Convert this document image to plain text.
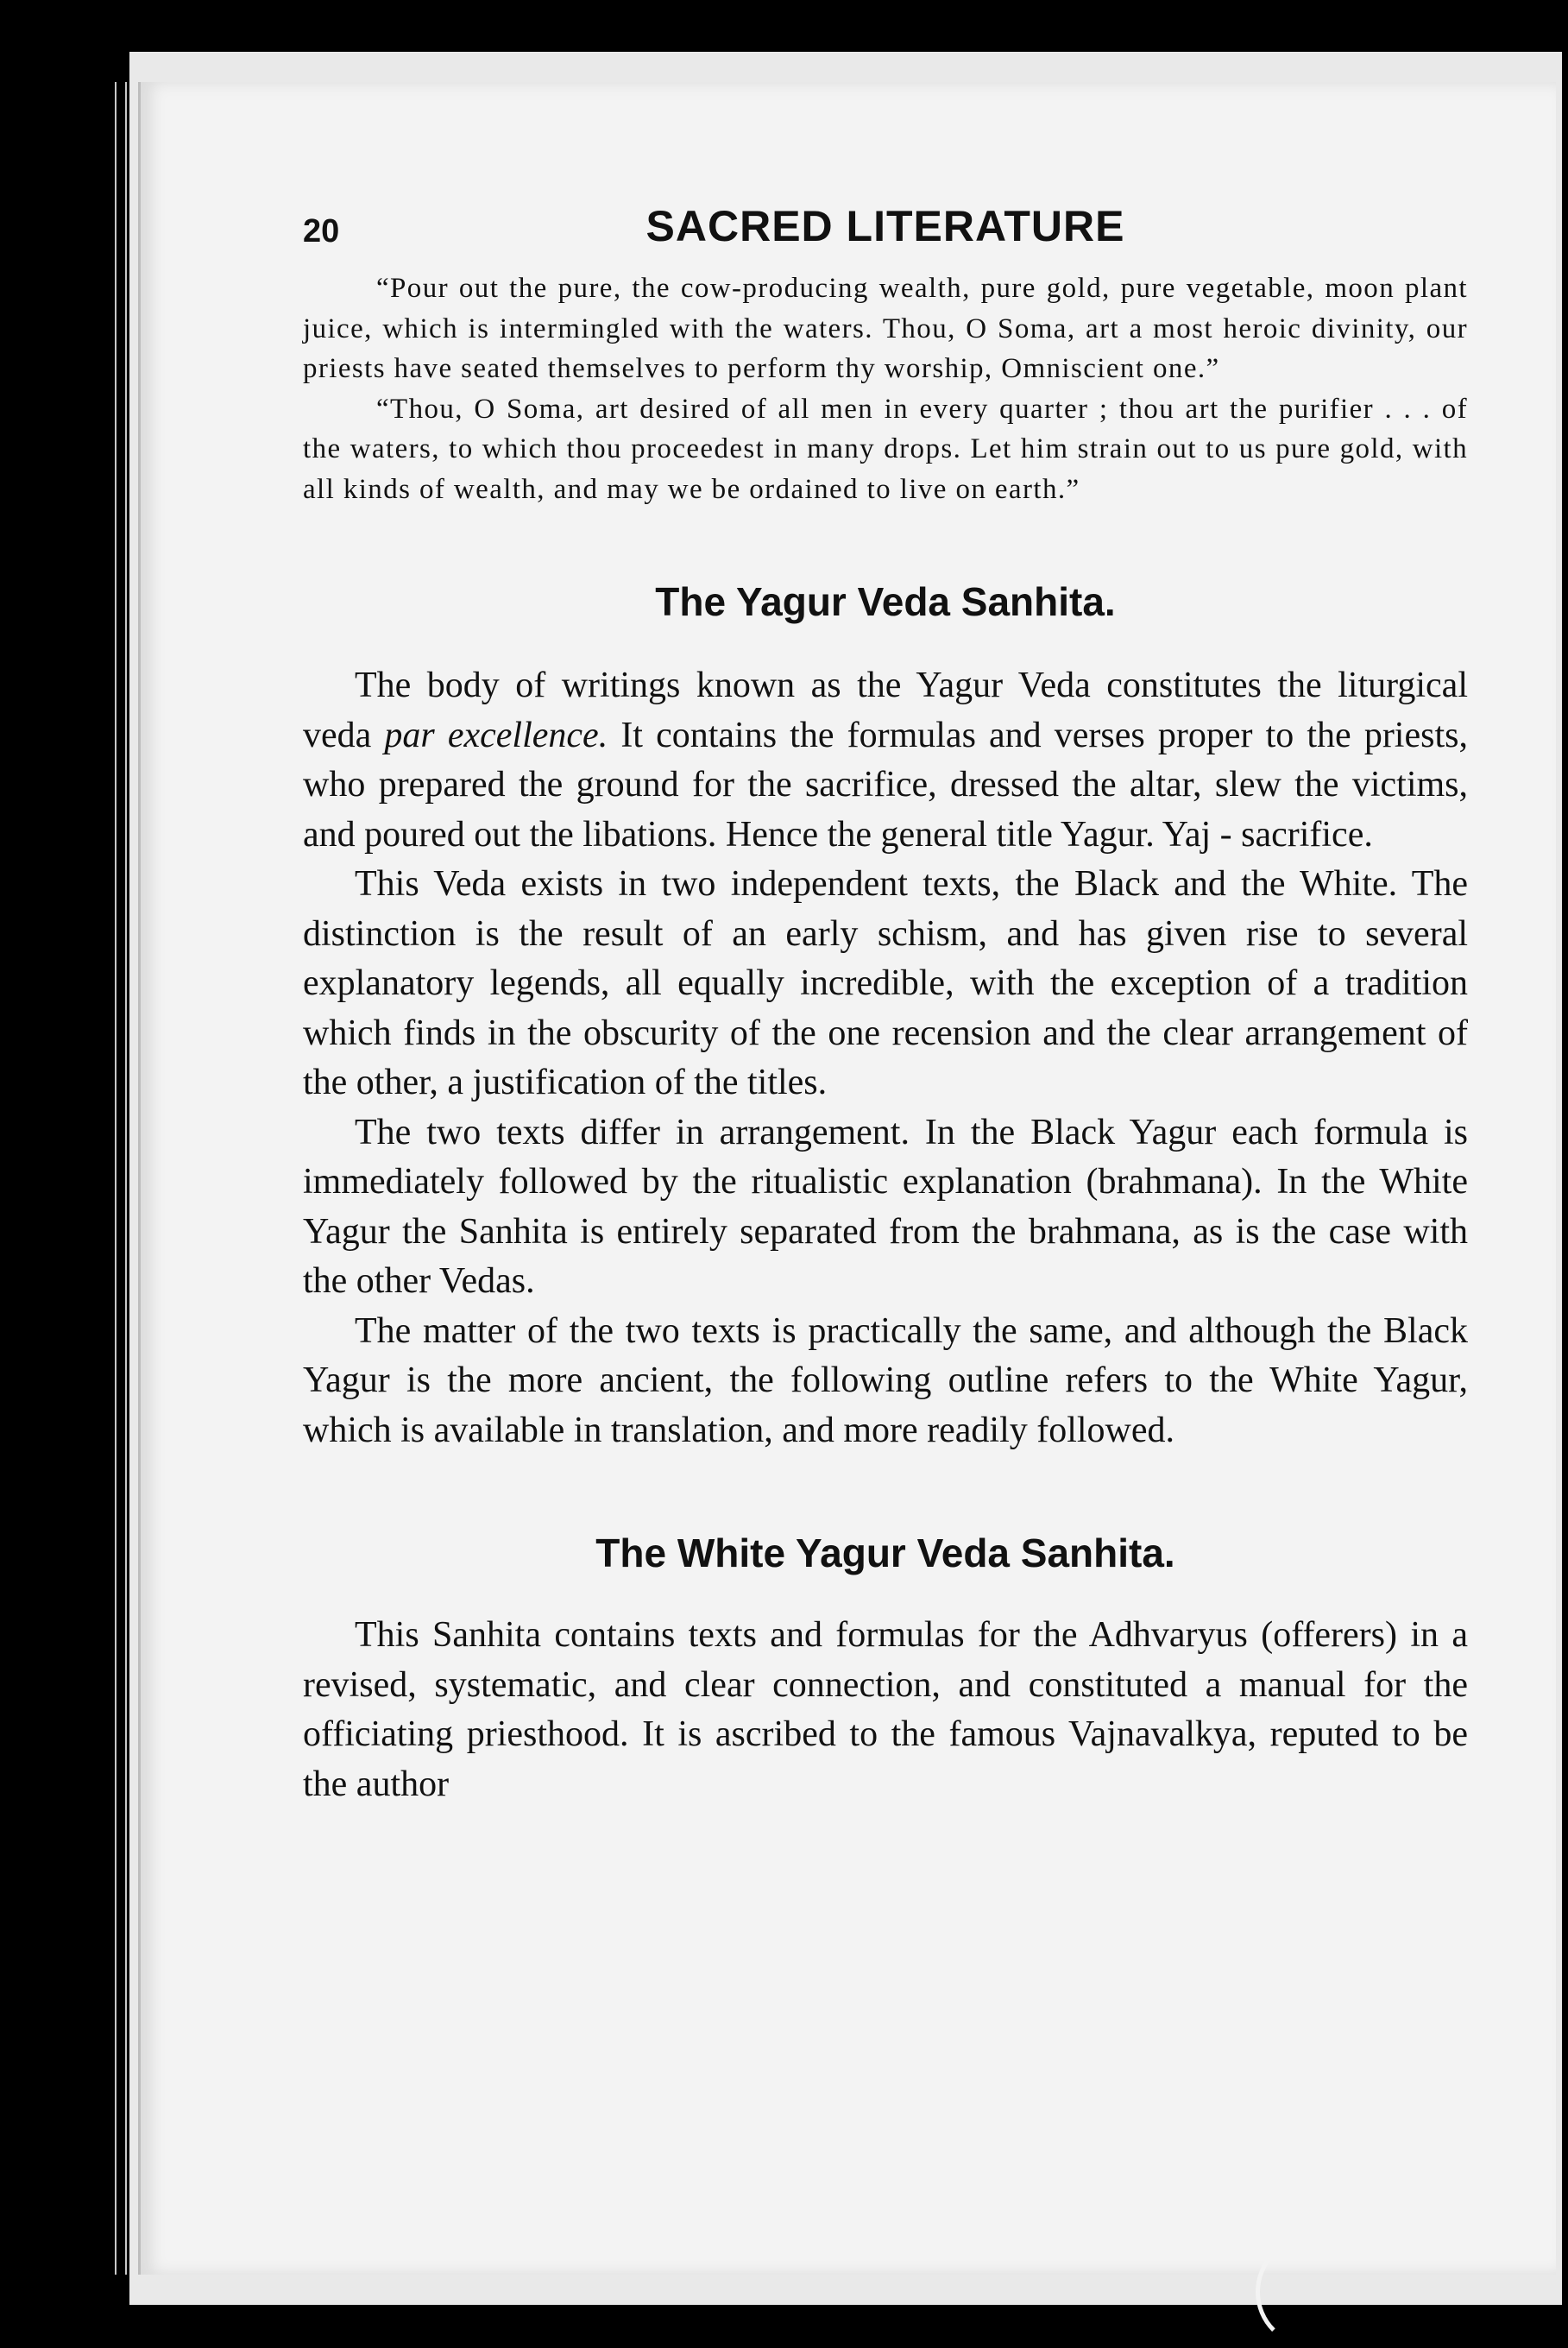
20	SACRED LITERATURE

“Pour out the pure, the cow-producing wealth, pure gold, pure vegetable, moon plant juice, which is intermingled with the waters. Thou, O Soma, art a most heroic divinity, our priests have seated themselves to perform thy worship, Omniscient one.”

“Thou, O Soma, art desired of all men in every quarter ; thou art the purifier . . . of the waters, to which thou proceedest in many drops. Let him strain out to us pure gold, with all kinds of wealth, and may we be ordained to live on earth.”

The Yagur Veda Sanhita.

The body of writings known as the Yagur Veda constitutes the liturgical veda par excellence. It contains the formulas and verses proper to the priests, who prepared the ground for the sacrifice, dressed the altar, slew the victims, and poured out the libations. Hence the general title Yagur. Yaj - sacrifice.

This Veda exists in two independent texts, the Black and the White. The distinction is the result of an early schism, and has given rise to several explanatory legends, all equally incredible, with the exception of a tradition which finds in the obscurity of the one recension and the clear arrangement of the other, a justification of the titles.

The two texts differ in arrangement. In the Black Yagur each formula is immediately followed by the ritualistic explanation (brahmana). In the White Yagur the Sanhita is entirely separated from the brahmana, as is the case with the other Vedas.

The matter of the two texts is practically the same, and although the Black Yagur is the more ancient, the following outline refers to the White Yagur, which is available in translation, and more readily followed.

The White Yagur Veda Sanhita.

This Sanhita contains texts and formulas for the Adhvaryus (offerers) in a revised, systematic, and clear connection, and constituted a manual for the officiating priesthood. It is ascribed to the famous Vajnavalkya, reputed to be the author
